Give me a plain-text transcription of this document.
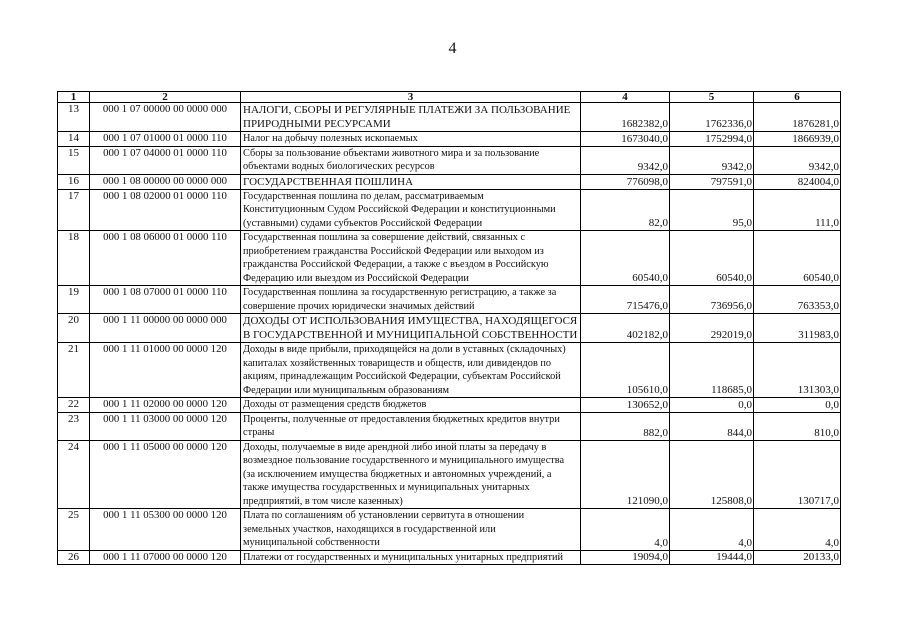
4
1	2	3	4	5	6
13	000 1 07 00000 00 0000 000	НАЛОГИ, СБОРЫ И РЕГУЛЯРНЫЕ ПЛАТЕЖИ ЗА ПОЛЬЗОВАНИЕ
ПРИРОДНЫМИ РЕСУРСАМИ	1682382,0	1762336,0	1876281,0
14	000 1 07 01000 01 0000 110	Налог на добычу полезных ископаемых	1673040,0	1752994,0	1866939,0
15	000 1 07 04000 01 0000 110	Сборы за пользование объектами животного мира и за пользование
объектами водных биологических ресурсов	9342,0	9342,0	9342,0
16	000 1 08 00000 00 0000 000	ГОСУДАРСТВЕННАЯ ПОШЛИНА	776098,0	797591,0	824004,0
17	000 1 08 02000 01 0000 110	Государственная пошлина по делам, рассматриваемым
Конституционным Судом Российской Федерации и конституционными
(уставными) судами субъектов Российской Федерации	82,0	95,0	111,0
18	000 1 08 06000 01 0000 110	Государственная пошлина за совершение действий, связанных с
приобретением гражданства Российской Федерации или выходом из
гражданства Российской Федерации, а также с въездом в Российскую
Федерацию или выездом из Российской Федерации	60540,0	60540,0	60540,0
19	000 1 08 07000 01 0000 110	Государственная пошлина за государственную регистрацию, а также за
совершение прочих юридически значимых действий	715476,0	736956,0	763353,0
20	000 1 11 00000 00 0000 000	ДОХОДЫ ОТ ИСПОЛЬЗОВАНИЯ ИМУЩЕСТВА, НАХОДЯЩЕГОСЯ
В ГОСУДАРСТВЕННОЙ И МУНИЦИПАЛЬНОЙ СОБСТВЕННОСТИ	402182,0	292019,0	311983,0
21	000 1 11 01000 00 0000 120	Доходы в виде прибыли, приходящейся на доли в уставных (складочных)
капиталах хозяйственных товариществ и обществ, или дивидендов по
акциям, принадлежащим Российской Федерации, субъектам Российской
Федерации или муниципальным образованиям	105610,0	118685,0	131303,0
22	000 1 11 02000 00 0000 120	Доходы от размещения средств бюджетов	130652,0	0,0	0,0
23	000 1 11 03000 00 0000 120	Проценты, полученные от предоставления бюджетных кредитов внутри
страны	882,0	844,0	810,0
24	000 1 11 05000 00 0000 120	Доходы, получаемые в виде арендной либо иной платы за передачу в
возмездное пользование государственного и муниципального имущества
(за исключением имущества бюджетных и автономных учреждений, а
также имущества государственных и муниципальных унитарных
предприятий, в том числе казенных)	121090,0	125808,0	130717,0
25	000 1 11 05300 00 0000 120	Плата по соглашениям об установлении сервитута в отношении
земельных участков, находящихся в государственной или
муниципальной собственности	4,0	4,0	4,0
26	000 1 11 07000 00 0000 120	Платежи от государственных и муниципальных унитарных предприятий	19094,0	19444,0	20133,0
